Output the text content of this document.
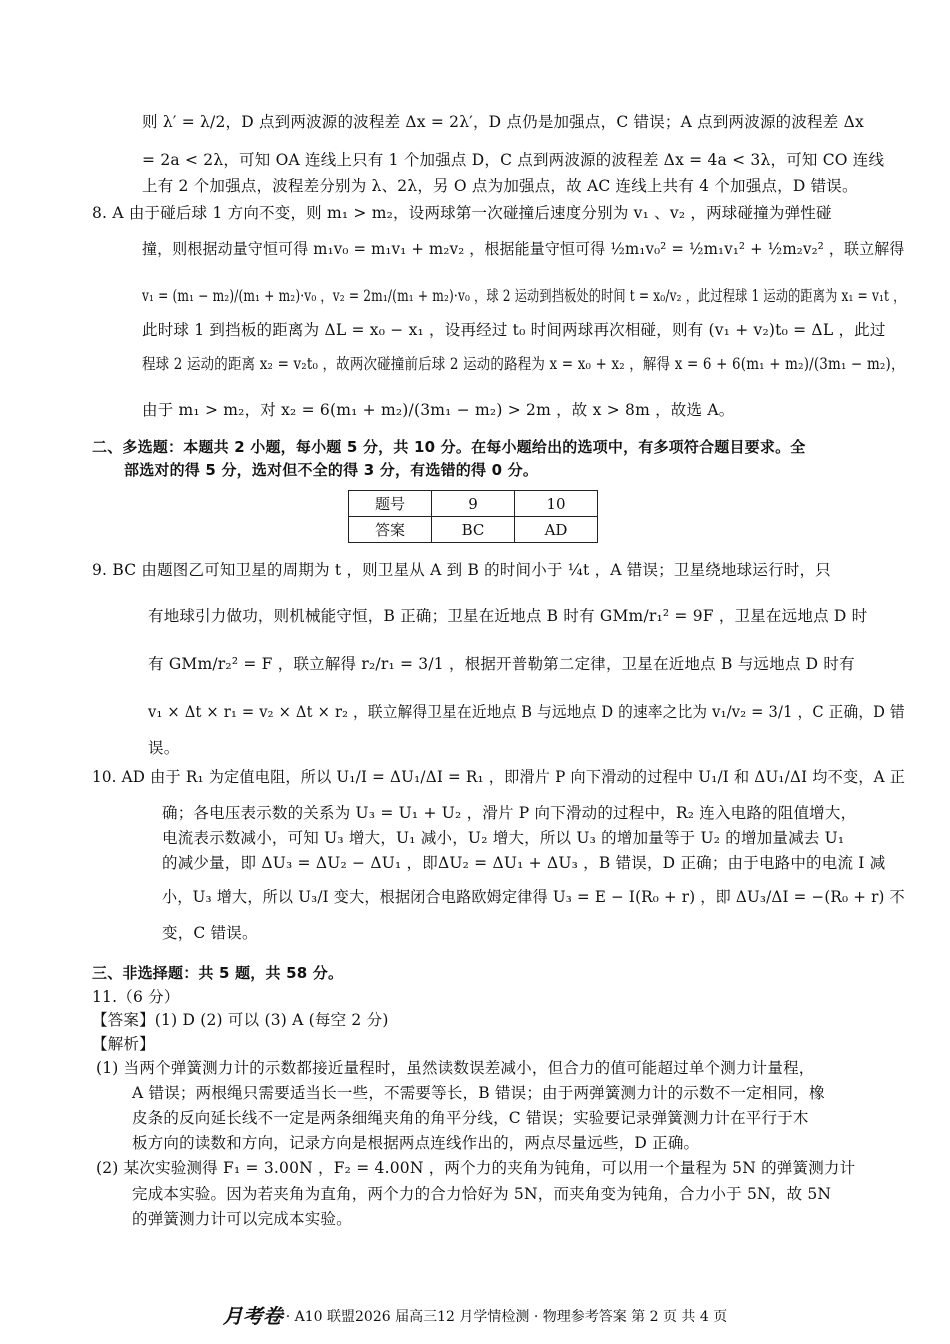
则 λ′ = λ/2，D 点到两波源的波程差 Δx = 2λ′，D 点仍是加强点，C 错误；A 点到两波源的波程差 Δx
= 2a < 2λ，可知 OA 连线上只有 1 个加强点 D，C 点到两波源的波程差 Δx = 4a < 3λ，可知 CO 连线
上有 2 个加强点，波程差分别为 λ、2λ，另 O 点为加强点，故 AC 连线上共有 4 个加强点，D 错误。
8. A 由于碰后球 1 方向不变，则 m₁ > m₂，设两球第一次碰撞后速度分别为 v₁ 、v₂ ，两球碰撞为弹性碰
撞，则根据动量守恒可得 m₁v₀ = m₁v₁ + m₂v₂ ，根据能量守恒可得 ½m₁v₀² = ½m₁v₁² + ½m₂v₂² ，联立解得
v₁ = (m₁ − m₂)/(m₁ + m₂)·v₀ ，v₂ = 2m₁/(m₁ + m₂)·v₀ ，球 2 运动到挡板处的时间 t = x₀/v₂ ，此过程球 1 运动的距离为 x₁ = v₁t ，
此时球 1 到挡板的距离为 ΔL = x₀ − x₁ ，设再经过 t₀ 时间两球再次相碰，则有 (v₁ + v₂)t₀ = ΔL ，此过
程球 2 运动的距离 x₂ = v₂t₀ ，故两次碰撞前后球 2 运动的路程为 x = x₀ + x₂ ，解得 x = 6 + 6(m₁ + m₂)/(3m₁ − m₂)，
由于 m₁ > m₂，对 x₂ = 6(m₁ + m₂)/(3m₁ − m₂) > 2m ，故 x > 8m ，故选 A。
二、多选题：本题共 2 小题，每小题 5 分，共 10 分。在每小题给出的选项中，有多项符合题目要求。全
部选对的得 5 分，选对但不全的得 3 分，有选错的得 0 分。
题号	9	10
答案	BC	AD
9. BC 由题图乙可知卫星的周期为 t ，则卫星从 A 到 B 的时间小于 ¼t ，A 错误；卫星绕地球运行时，只
有地球引力做功，则机械能守恒，B 正确；卫星在近地点 B 时有 GMm/r₁² = 9F ，卫星在远地点 D 时
有 GMm/r₂² = F ，联立解得 r₂/r₁ = 3/1 ，根据开普勒第二定律，卫星在近地点 B 与远地点 D 时有
v₁ × Δt × r₁ = v₂ × Δt × r₂ ，联立解得卫星在近地点 B 与远地点 D 的速率之比为 v₁/v₂ = 3/1 ，C 正确，D 错
误。
10. AD 由于 R₁ 为定值电阻，所以 U₁/I = ΔU₁/ΔI = R₁ ，即滑片 P 向下滑动的过程中 U₁/I 和 ΔU₁/ΔI 均不变，A 正
确；各电压表示数的关系为 U₃ = U₁ + U₂ ，滑片 P 向下滑动的过程中，R₂ 连入电路的阻值增大，
电流表示数减小，可知 U₃ 增大，U₁ 减小，U₂ 增大，所以 U₃ 的增加量等于 U₂ 的增加量减去 U₁
的减少量，即 ΔU₃ = ΔU₂ − ΔU₁ ，即ΔU₂ = ΔU₁ + ΔU₃ ，B 错误，D 正确；由于电路中的电流 I 减
小，U₃ 增大，所以 U₃/I 变大，根据闭合电路欧姆定律得 U₃ = E − I(R₀ + r) ，即 ΔU₃/ΔI = −(R₀ + r) 不
变，C 错误。
三、非选择题：共 5 题，共 58 分。
11.（6 分）
【答案】(1) D (2) 可以 (3) A (每空 2 分)
【解析】
(1) 当两个弹簧测力计的示数都接近量程时，虽然读数误差减小，但合力的值可能超过单个测力计量程，
A 错误；两根绳只需要适当长一些，不需要等长，B 错误；由于两弹簧测力计的示数不一定相同，橡
皮条的反向延长线不一定是两条细绳夹角的角平分线，C 错误；实验要记录弹簧测力计在平行于木
板方向的读数和方向，记录方向是根据两点连线作出的，两点尽量远些，D 正确。
(2) 某次实验测得 F₁ = 3.00N ，F₂ = 4.00N ，两个力的夹角为钝角，可以用一个量程为 5N 的弹簧测力计
完成本实验。因为若夹角为直角，两个力的合力恰好为 5N，而夹角变为钝角，合力小于 5N，故 5N
的弹簧测力计可以完成本实验。
月考卷 · A10 联盟2026 届高三12 月学情检测 · 物理参考答案 第 2 页 共 4 页
